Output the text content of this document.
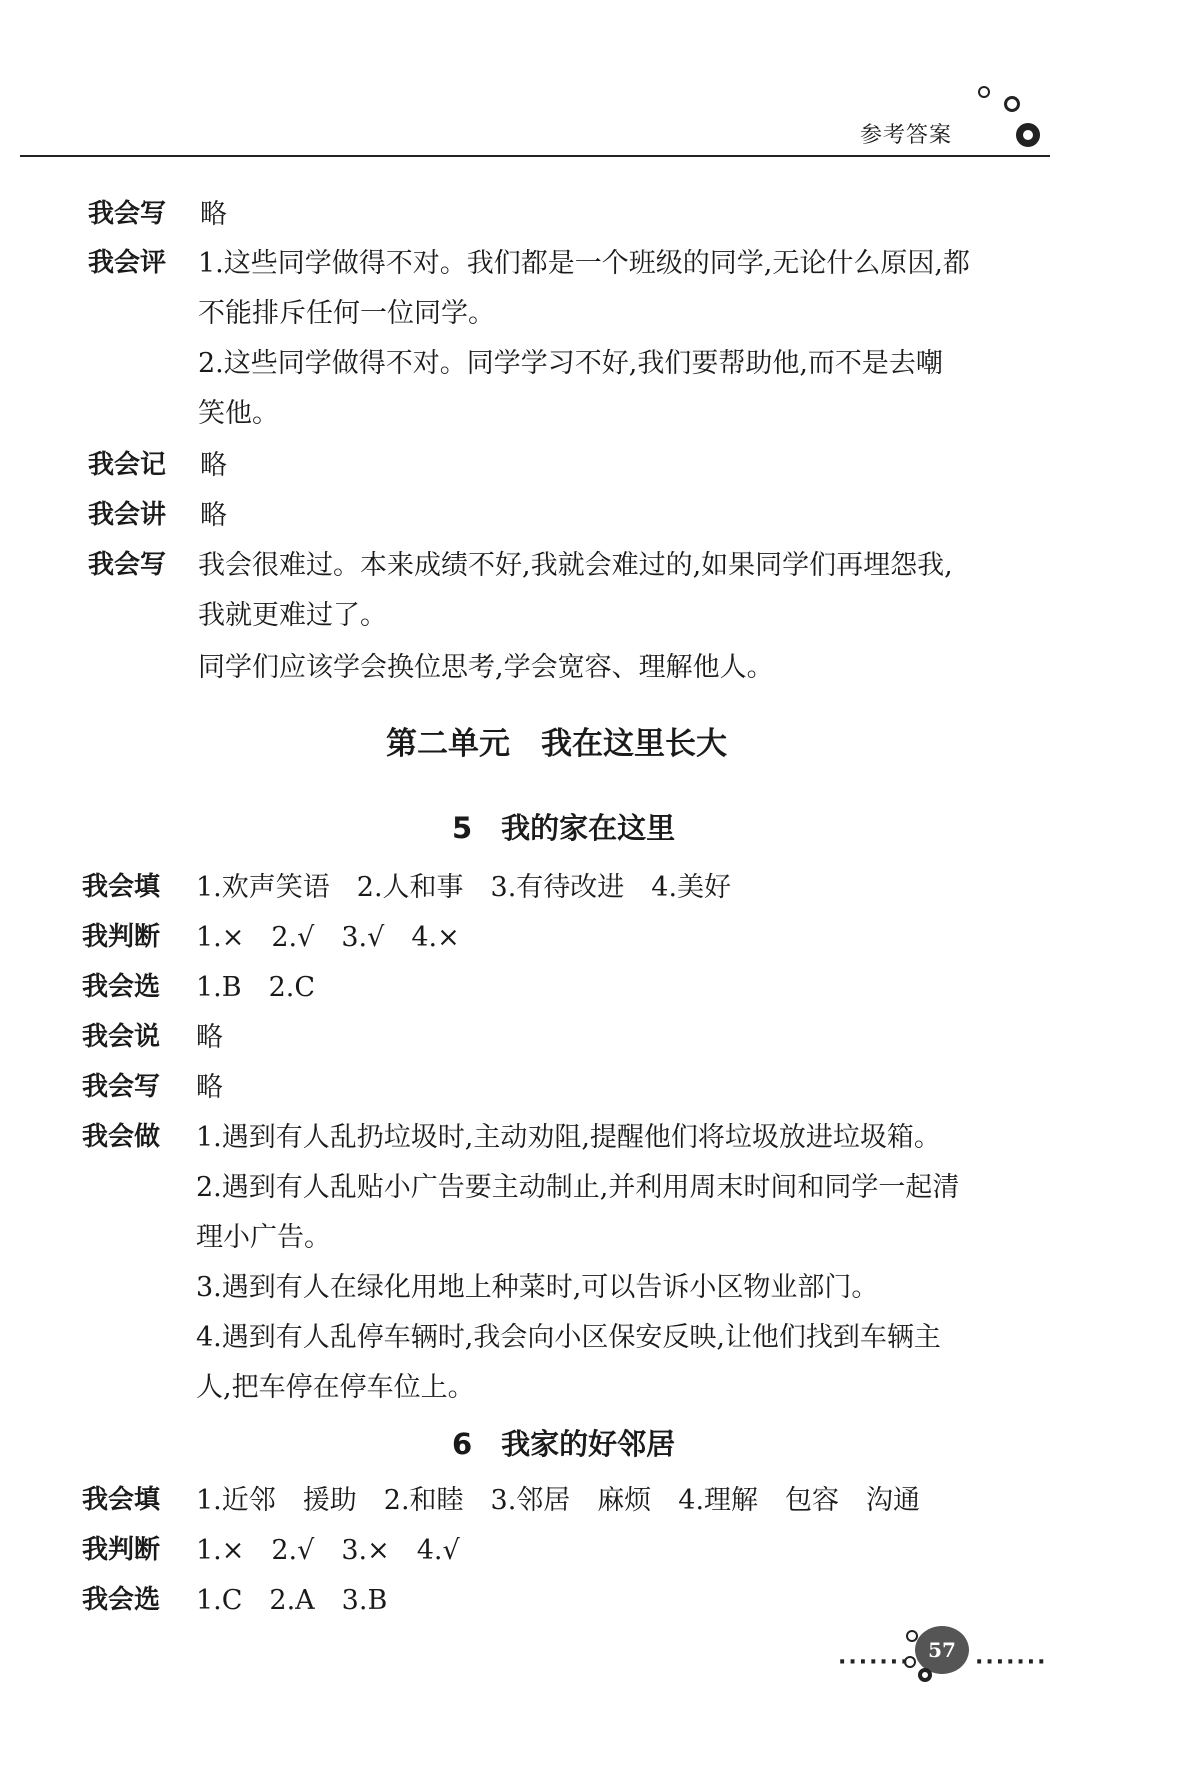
参考答案
我会写 略
我会评 1.这些同学做得不对。我们都是一个班级的同学,无论什么原因,都
不能排斥任何一位同学。
2.这些同学做得不对。同学学习不好,我们要帮助他,而不是去嘲
笑他。
我会记 略
我会讲 略
我会写 我会很难过。本来成绩不好,我就会难过的,如果同学们再埋怨我,
我就更难过了。
同学们应该学会换位思考,学会宽容、理解他人。
第二单元　我在这里长大
5　我的家在这里
我会填 1.欢声笑语　2.人和事　3.有待改进　4.美好
我判断 1.×　2.√　3.√　4.×
我会选 1.B　2.C
我会说 略
我会写 略
我会做 1.遇到有人乱扔垃圾时,主动劝阻,提醒他们将垃圾放进垃圾箱。
2.遇到有人乱贴小广告要主动制止,并利用周末时间和同学一起清
理小广告。
3.遇到有人在绿化用地上种菜时,可以告诉小区物业部门。
4.遇到有人乱停车辆时,我会向小区保安反映,让他们找到车辆主
人,把车停在停车位上。
6　我家的好邻居
我会填 1.近邻　援助　2.和睦　3.邻居　麻烦　4.理解　包容　沟通
我判断 1.×　2.√　3.×　4.√
我会选 1.C　2.A　3.B
······· 57 ·······
